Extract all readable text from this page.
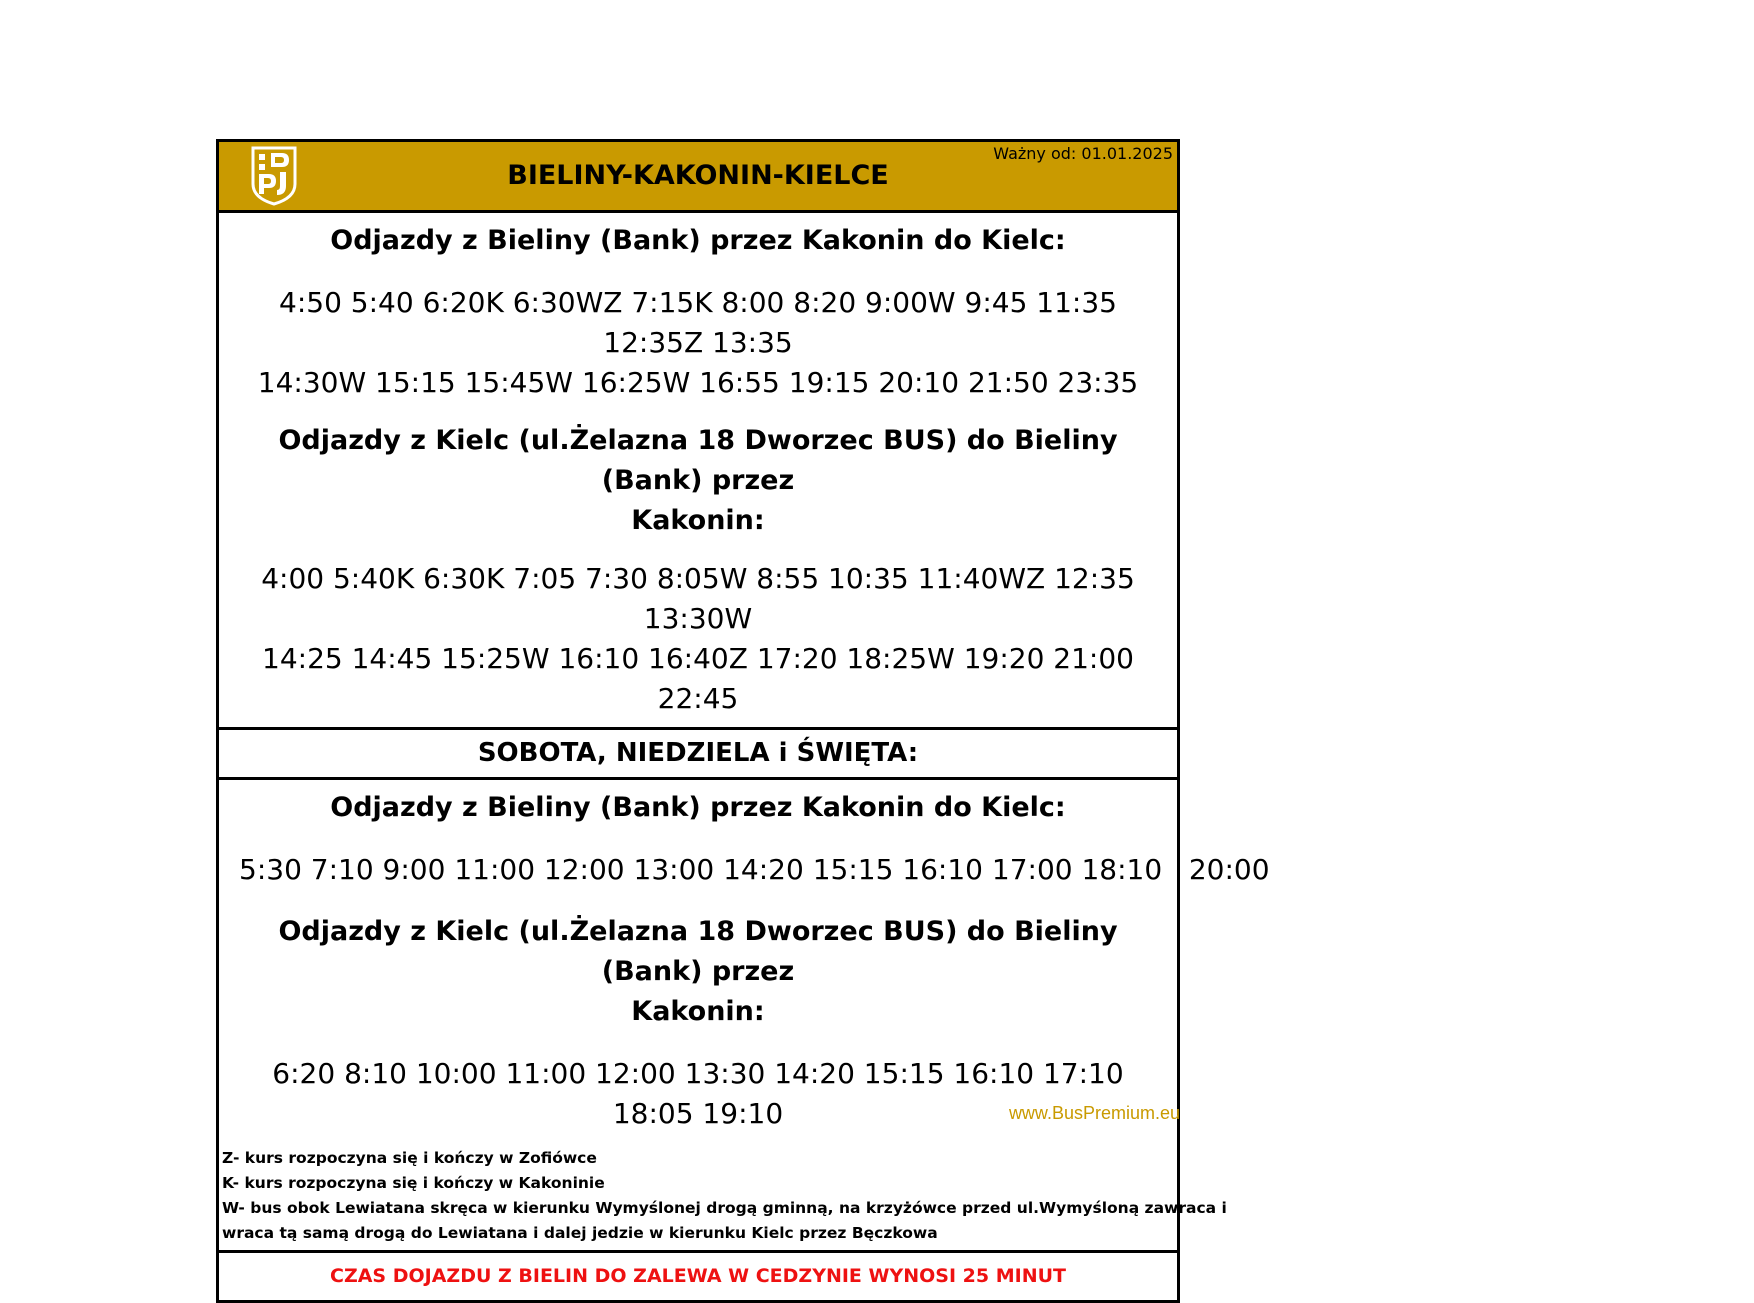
BIELINY-KAKONIN-KIELCE
Ważny od: 01.01.2025
Odjazdy z Bieliny (Bank) przez Kakonin do Kielc:
4:50 5:40 6:20K 6:30WZ 7:15K 8:00 8:20 9:00W 9:45 11:35 12:35Z 13:35
14:30W 15:15 15:45W 16:25W 16:55 19:15 20:10 21:50 23:35
Odjazdy z Kielc (ul.Żelazna 18 Dworzec BUS) do Bieliny (Bank) przez
Kakonin:
4:00 5:40K 6:30K 7:05 7:30 8:05W 8:55 10:35 11:40WZ 12:35 13:30W
14:25 14:45 15:25W 16:10 16:40Z 17:20 18:25W 19:20 21:00 22:45
SOBOTA, NIEDZIELA i ŚWIĘTA:
Odjazdy z Bieliny (Bank) przez Kakonin do Kielc:
5:30 7:10 9:00 11:00 12:00 13:00 14:20 15:15 16:10 17:00 18:10   20:00
Odjazdy z Kielc (ul.Żelazna 18 Dworzec BUS) do Bieliny (Bank) przez
Kakonin:
6:20 8:10 10:00 11:00 12:00 13:30 14:20 15:15 16:10 17:10 18:05 19:10
Z- kurs rozpoczyna się i kończy w Zofiówce
K- kurs rozpoczyna się i kończy w Kakoninie
W- bus obok Lewiatana skręca w kierunku Wymyślonej drogą gminną, na krzyżówce przed ul.Wymyśloną zawraca i
wraca tą samą drogą do Lewiatana i dalej jedzie w kierunku Kielc przez Bęczkowa
CZAS DOJAZDU Z BIELIN DO ZALEWA W CEDZYNIE WYNOSI 25 MINUT
www.BusPremium.eu
